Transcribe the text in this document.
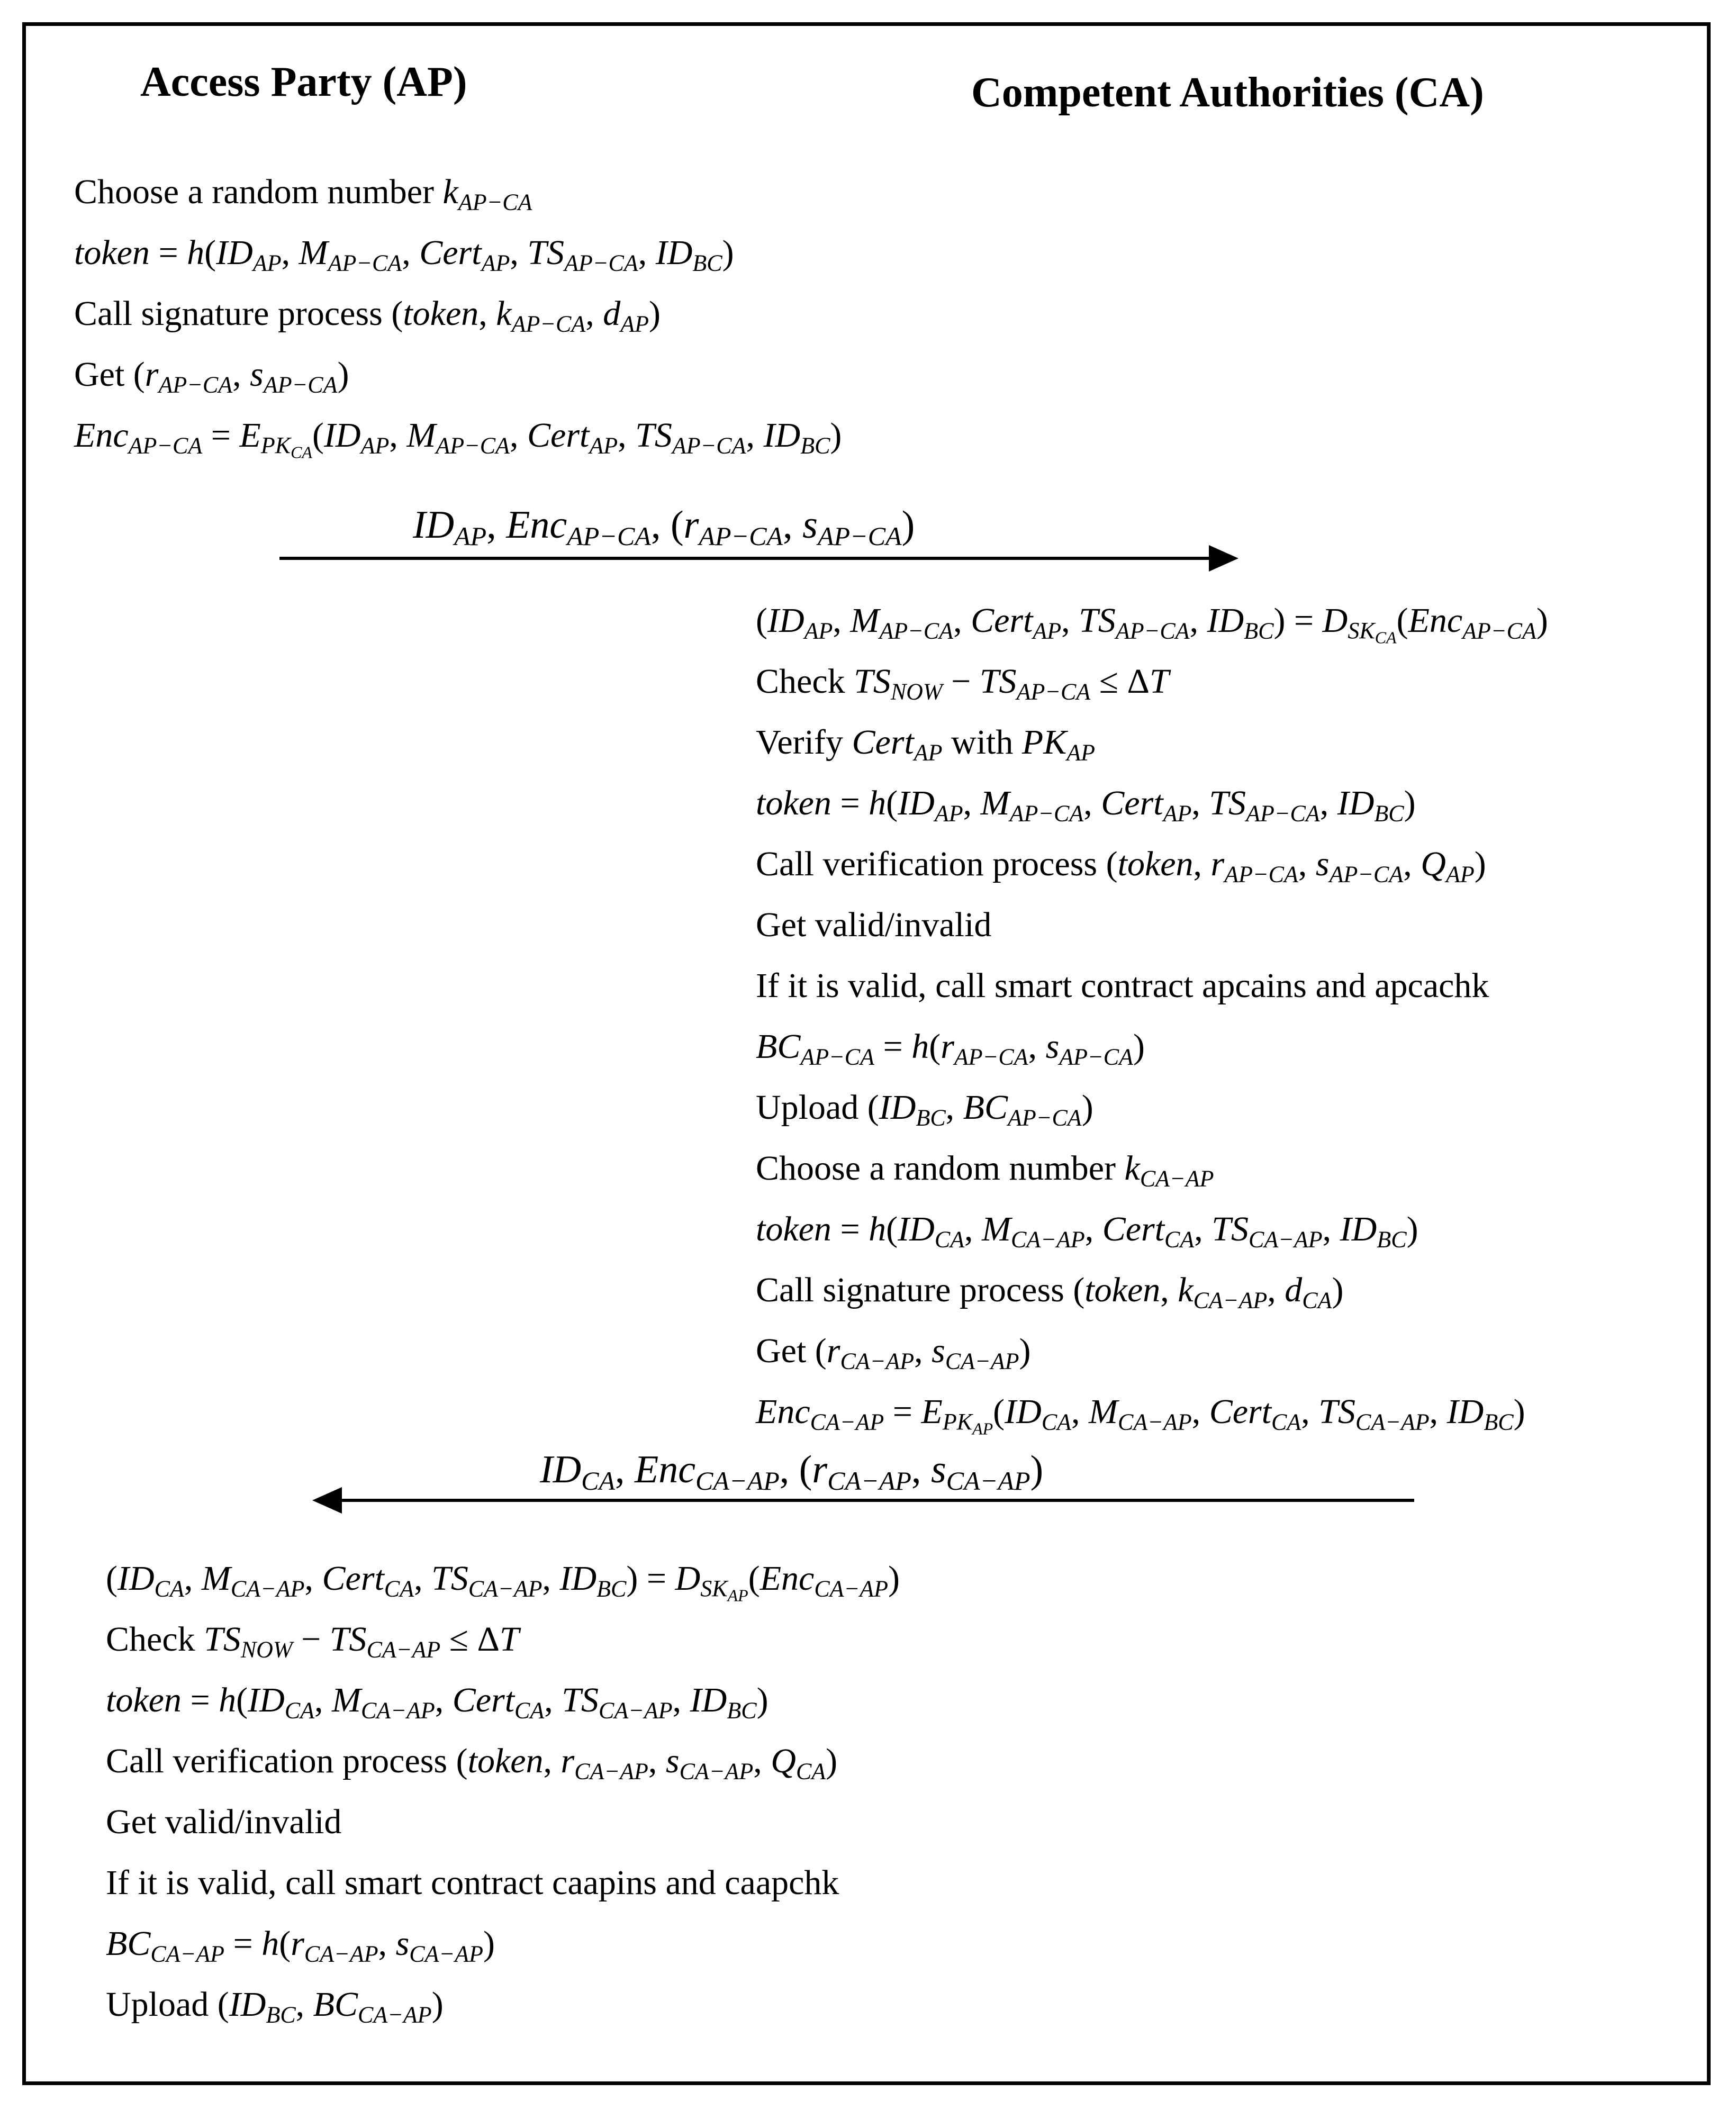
Access Party (AP)	Competent Authorities (CA)
Choose a random number $k_{AP-CA}$
token = $h(ID_{AP}$, $M_{AP-CA}$, Cert$_{AP}$, $TS_{AP-CA}$, $ID_{BC}$)
Call signature process (token, $k_{AP-CA}$, $d_{AP}$)
Get ($r_{AP-CA}$, $s_{AP-CA}$)
$Enc_{AP-CA} = E_{PK_{CA}}(ID_{AP}$, $M_{AP-CA}$, Cert$_{AP}$, $TS_{AP-CA}$, $ID_{BC}$)
$ID_{AP}$, Enc$_{AP-CA}$, ($r_{AP-CA}$, $s_{AP-CA}$)
($ID_{AP}$, $M_{AP-CA}$, Cert$_{AP}$, $TS_{AP-CA}$, $ID_{BC}) = D_{SK_{CA}}(Enc_{AP-CA})$
Check $TS_{NOW} - TS_{AP-CA} \le \Delta T$
Verify Cert$_{AP}$ with $PK_{AP}$
token = $h(ID_{AP}$, $M_{AP-CA}$, Cert$_{AP}$, $TS_{AP-CA}$, $ID_{BC}$)
Call verification process (token, $r_{AP-CA}$, $s_{AP-CA}$, $Q_{AP}$)
Get valid/invalid
If it is valid, call smart contract apcains and apcachk
$BC_{AP-CA} = h(r_{AP-CA}$, $s_{AP-CA}$)
Upload ($ID_{BC}$, $BC_{AP-CA}$)
Choose a random number $k_{CA-AP}$
token = $h(ID_{CA}$, $M_{CA-AP}$, Cert$_{CA}$, $TS_{CA-AP}$, $ID_{BC}$)
Call signature process (token, $k_{CA-AP}$, $d_{CA}$)
Get ($r_{CA-AP}$, $s_{CA-AP}$)
$Enc_{CA-AP} = E_{PK_{AP}}(ID_{CA}$, $M_{CA-AP}$, Cert$_{CA}$, $TS_{CA-AP}$, $ID_{BC}$)
$ID_{CA}$, Enc$_{CA-AP}$, ($r_{CA-AP}$, $s_{CA-AP}$)
($ID_{CA}$, $M_{CA-AP}$, Cert$_{CA}$, $TS_{CA-AP}$, $ID_{BC}) = D_{SK_{AP}}(Enc_{CA-AP})$
Check $TS_{NOW} - TS_{CA-AP} \le \Delta T$
token = $h(ID_{CA}$, $M_{CA-AP}$, Cert$_{CA}$, $TS_{CA-AP}$, $ID_{BC}$)
Call verification process (token, $r_{CA-AP}$, $s_{CA-AP}$, $Q_{CA}$)
Get valid/invalid
If it is valid, call smart contract caapins and caapchk
$BC_{CA-AP} = h(r_{CA-AP}$, $s_{CA-AP}$)
Upload ($ID_{BC}$, $BC_{CA-AP}$)
